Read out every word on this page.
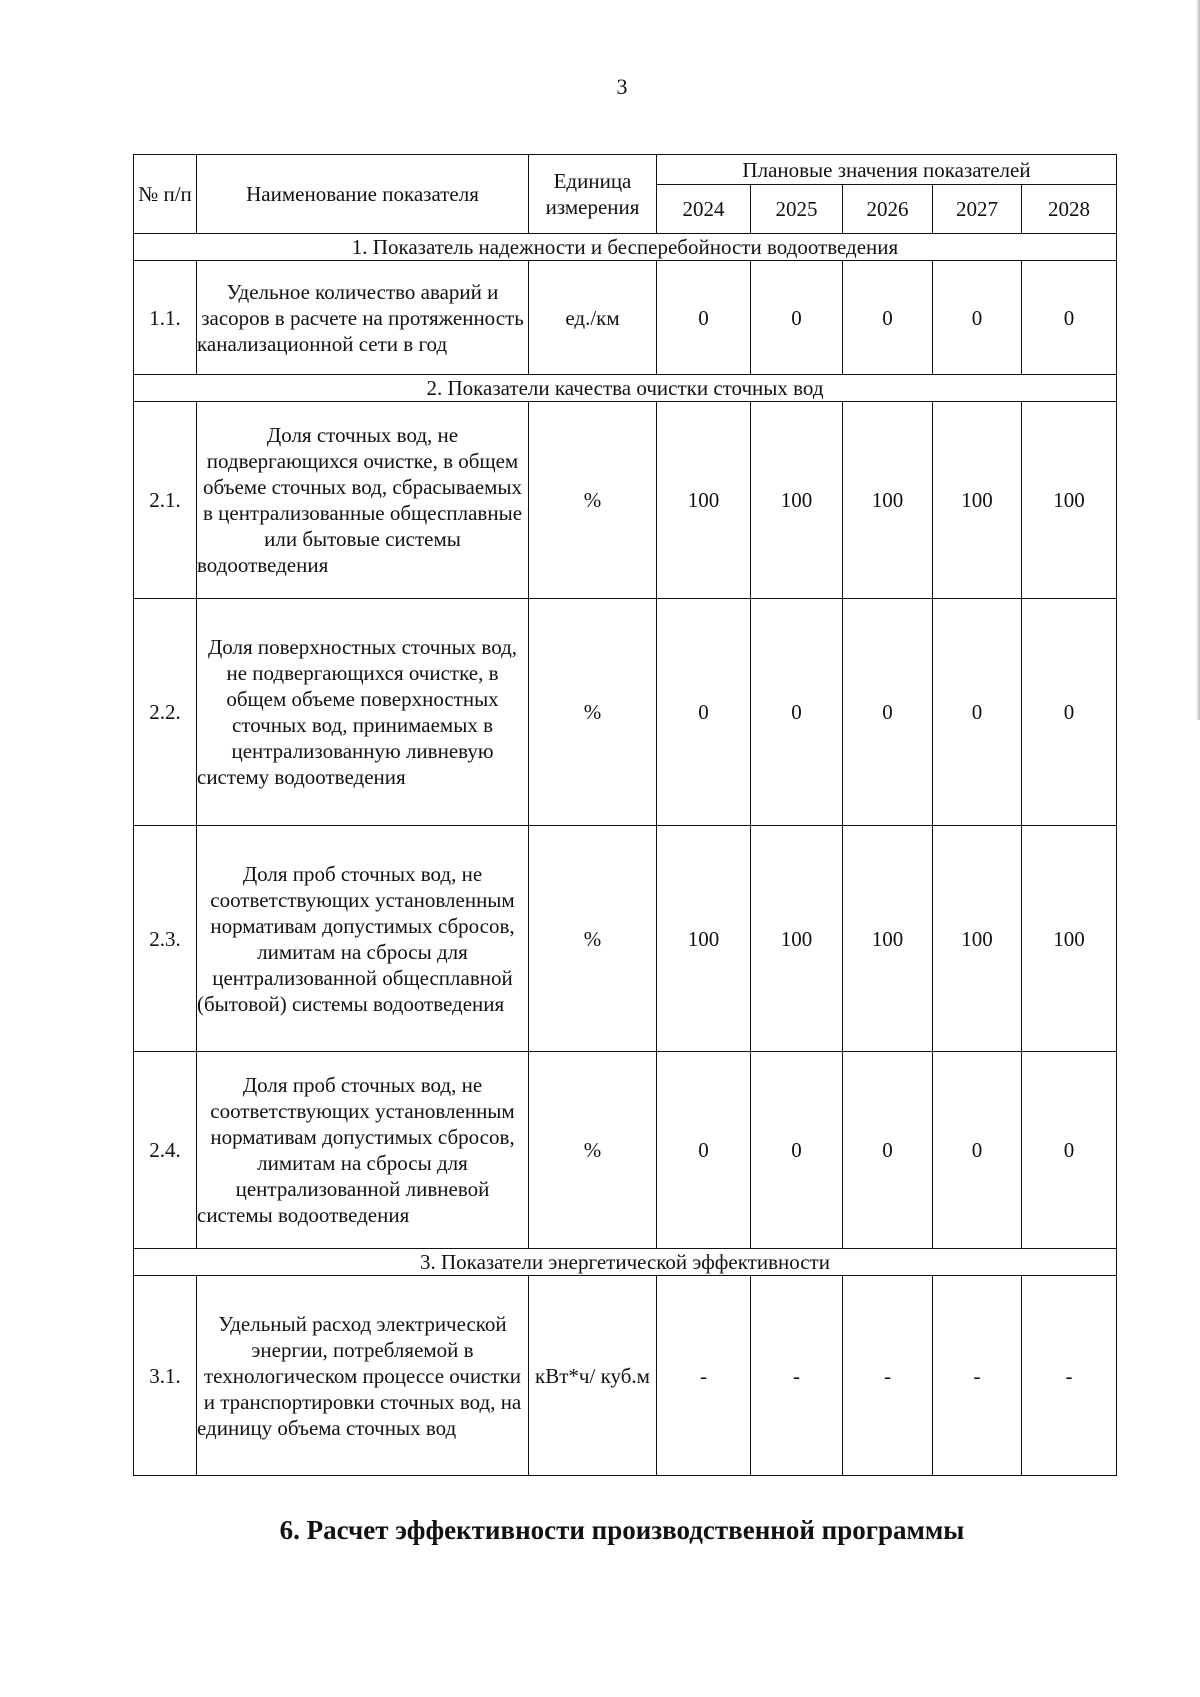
3
№ п/п	Наименование показателя	Единица измерения	Плановые значения показателей				
			2024	2025	2026	2027	2028
1. Показатель надежности и бесперебойности водоотведения							
1.1.	Удельное количество аварий и засоров в расчете на протяженность канализационной сети в год	ед./км	0	0	0	0	0
2. Показатели качества очистки сточных вод							
2.1.	Доля сточных вод, не подвергающихся очистке, в общем объеме сточных вод, сбрасываемых в централизованные общесплавные или бытовые системы водоотведения	%	100	100	100	100	100
2.2.	Доля поверхностных сточных вод, не подвергающихся очистке, в общем объеме поверхностных сточных вод, принимаемых в централизованную ливневую систему водоотведения	%	0	0	0	0	0
2.3.	Доля проб сточных вод, не соответствующих установленным нормативам допустимых сбросов, лимитам на сбросы для централизованной общесплавной (бытовой) системы водоотведения	%	100	100	100	100	100
2.4.	Доля проб сточных вод, не соответствующих установленным нормативам допустимых сбросов, лимитам на сбросы для централизованной ливневой системы водоотведения	%	0	0	0	0	0
3. Показатели энергетической эффективности							
3.1.	Удельный расход электрической энергии, потребляемой в технологическом процессе очистки и транспортировки сточных вод, на единицу объема сточных вод	кВт*ч/ куб.м	-	-	-	-	-
6. Расчет эффективности производственной программы
